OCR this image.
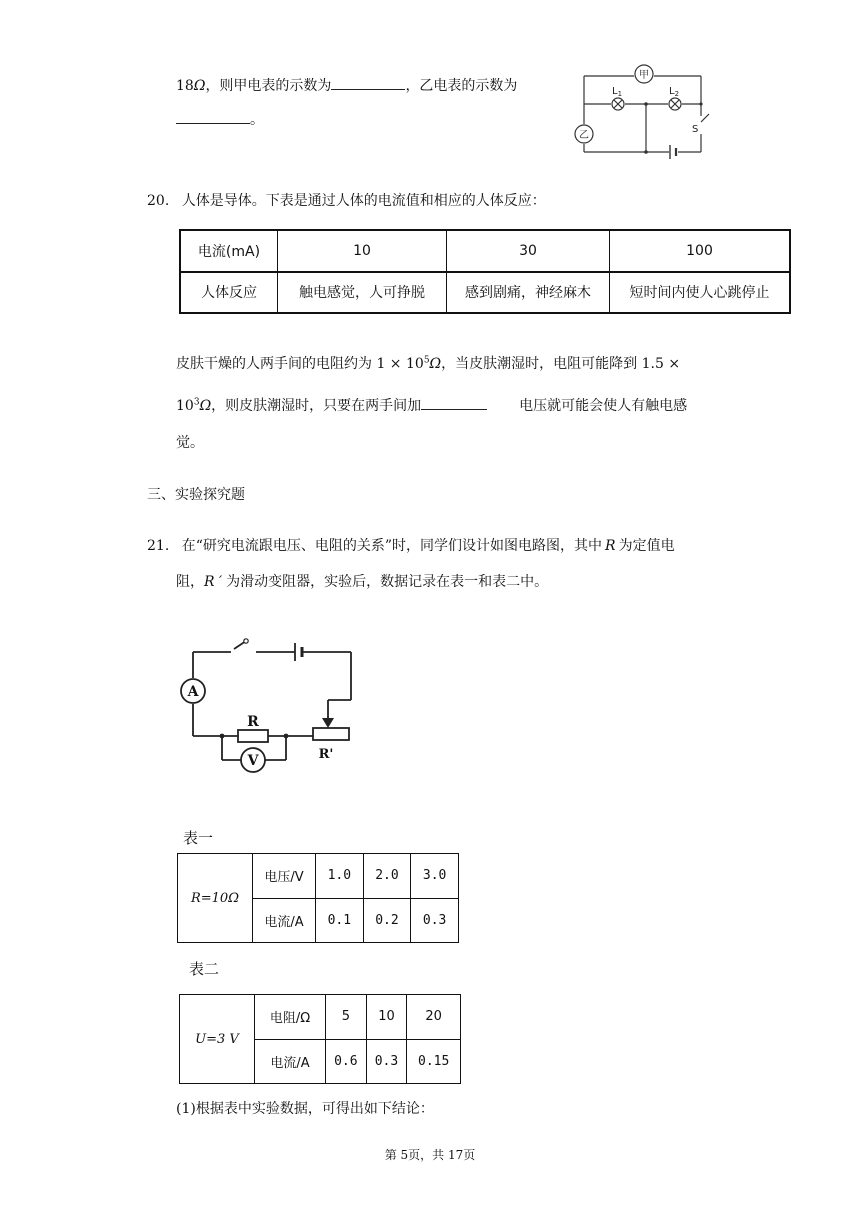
18Ω，则甲电表的示数为	，乙电表的示数为
。
甲
乙
$L_1$	$L_2$
S
20. 人体是导体。下表是通过人体的电流值和相应的人体反应：
电流(mA)	10	30	100
人体反应	触电感觉，人可挣脱	感到剧痛，神经麻木	短时间内使人心跳停止
皮肤干燥的人两手间的电阻约为 $1 \times 10^5\Omega$，当皮肤潮湿时，电阻可能降到 1.5 ×
$10^3\Omega$，则皮肤潮湿时，只要在两手间加	电压就可能会使人有触电感
觉。
三、实验探究题
21. 在“研究电流跟电压、电阻的关系”时，同学们设计如图电路图，其中 R 为定值电
阻，R ′ 为滑动变阻器，实验后，数据记录在表一和表二中。
A
V
R
R'
表一
R=10Ω	电压/V	1.0	2.0	3.0
	电流/A	0.1	0.2	0.3
表二
U=3 V	电阻/Ω	5	10	20
	电流/A	0.6	0.3	0.15
(1)根据表中实验数据，可得出如下结论：
第 5页，共 17页
